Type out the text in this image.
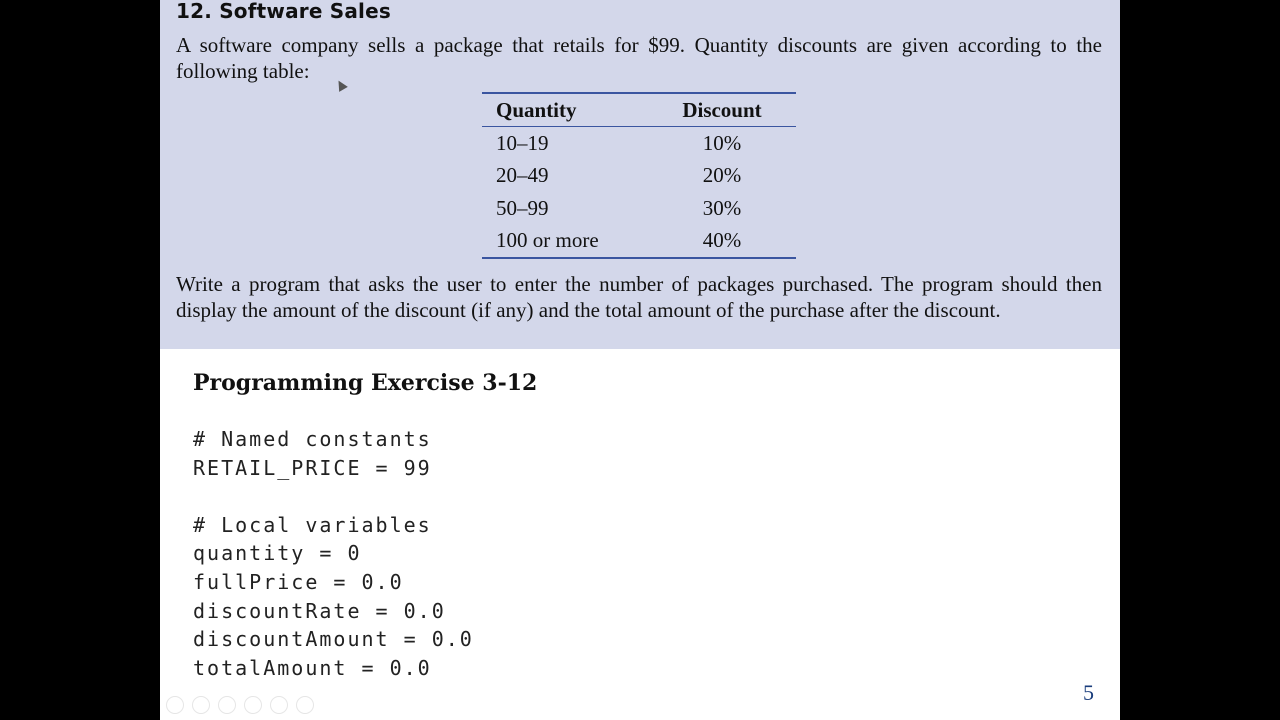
12. Software Sales
A software company sells a package that retails for $99. Quantity discounts are given according to the following table:
Quantity	Discount
10–19	10%
20–49	20%
50–99	30%
100 or more	40%
Write a program that asks the user to enter the number of packages purchased. The program should then display the amount of the discount (if any) and the total amount of the purchase after the discount.
Programming Exercise 3-12
# Named constants
RETAIL_PRICE = 99
# Local variables
quantity = 0
fullPrice = 0.0
discountRate = 0.0
discountAmount = 0.0
totalAmount = 0.0
5
